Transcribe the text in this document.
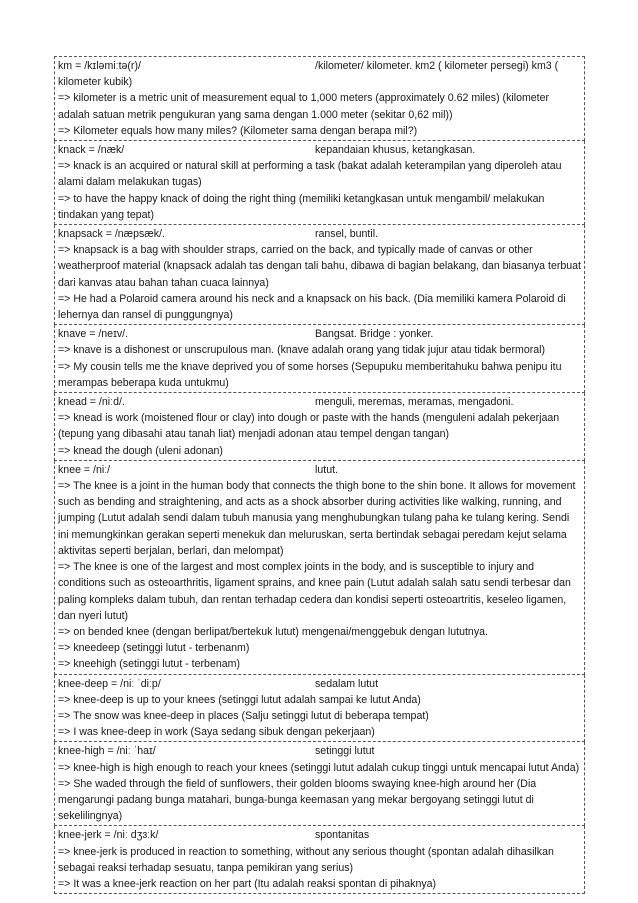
km = /kɪləmiːtə(r)/	/kilometer/ kilometer. km2 ( kilometer persegi) km3 (
kilometer kubik)
=> kilometer is a metric unit of measurement equal to 1,000 meters (approximately 0.62 miles) (kilometer adalah satuan metrik pengukuran yang sama dengan 1.000 meter (sekitar 0,62 mil))
=> Kilometer equals how many miles? (Kilometer sama dengan berapa mil?)
knack = /næk/	kepandaian khusus, ketangkasan.
=> knack is an acquired or natural skill at performing a task (bakat adalah keterampilan yang diperoleh atau alami dalam melakukan tugas)
=> to have the happy knack of doing the right thing (memiliki ketangkasan untuk mengambil/ melakukan tindakan yang tepat)
knapsack = /næpsæk/.	ransel, buntil.
=> knapsack is a bag with shoulder straps, carried on the back, and typically made of canvas or other weatherproof material (knapsack adalah tas dengan tali bahu, dibawa di bagian belakang, dan biasanya terbuat dari kanvas atau bahan tahan cuaca lainnya)
=> He had a Polaroid camera around his neck and a knapsack on his back. (Dia memiliki kamera Polaroid di lehernya dan ransel di punggungnya)
knave = /neɪv/.	Bangsat. Bridge : yonker.
=> knave is a dishonest or unscrupulous man. (knave adalah orang yang tidak jujur atau tidak bermoral)
=> My cousin tells me the knave deprived you of some horses (Sepupuku memberitahuku bahwa penipu itu merampas beberapa kuda untukmu)
knead = /niːd/.	menguli, meremas, meramas, mengadoni.
=> knead is work (moistened flour or clay) into dough or paste with the hands (menguleni adalah pekerjaan (tepung yang dibasahi atau tanah liat) menjadi adonan atau tempel dengan tangan)
=> knead the dough (uleni adonan)
knee = /niː/	lutut.
=> The knee is a joint in the human body that connects the thigh bone to the shin bone. It allows for movement such as bending and straightening, and acts as a shock absorber during activities like walking, running, and jumping (Lutut adalah sendi dalam tubuh manusia yang menghubungkan tulang paha ke tulang kering. Sendi ini memungkinkan gerakan seperti menekuk dan meluruskan, serta bertindak sebagai peredam kejut selama aktivitas seperti berjalan, berlari, dan melompat)
=> The knee is one of the largest and most complex joints in the body, and is susceptible to injury and conditions such as osteoarthritis, ligament sprains, and knee pain (Lutut adalah salah satu sendi terbesar dan paling kompleks dalam tubuh, dan rentan terhadap cedera dan kondisi seperti osteoartritis, keseleo ligamen, dan nyeri lutut)
=> on bended knee (dengan berlipat/bertekuk lutut) mengenai/menggebuk dengan lututnya.
=> kneedeep (setinggi lutut - terbenanm)
=> kneehigh (setinggi lutut - terbenam)
knee-deep = /niː ˈdiːp/	sedalam lutut
=> knee-deep is up to your knees (setinggi lutut adalah sampai ke lutut Anda)
=> The snow was knee-deep in places (Salju setinggi lutut di beberapa tempat)
=> I was knee-deep in work (Saya sedang sibuk dengan pekerjaan)
knee-high = /niː ˈhaɪ/	setinggi lutut
=> knee-high is high enough to reach your knees (setinggi lutut adalah cukup tinggi untuk mencapai lutut Anda)
=> She waded through the field of sunflowers, their golden blooms swaying knee-high around her (Dia mengarungi padang bunga matahari, bunga-bunga keemasan yang mekar bergoyang setinggi lutut di sekelilingnya)
knee-jerk = /niː dʒɜːk/	spontanitas
=> knee-jerk is produced in reaction to something, without any serious thought (spontan adalah dihasilkan sebagai reaksi terhadap sesuatu, tanpa pemikiran yang serius)
=> It was a knee-jerk reaction on her part (Itu adalah reaksi spontan di pihaknya)
